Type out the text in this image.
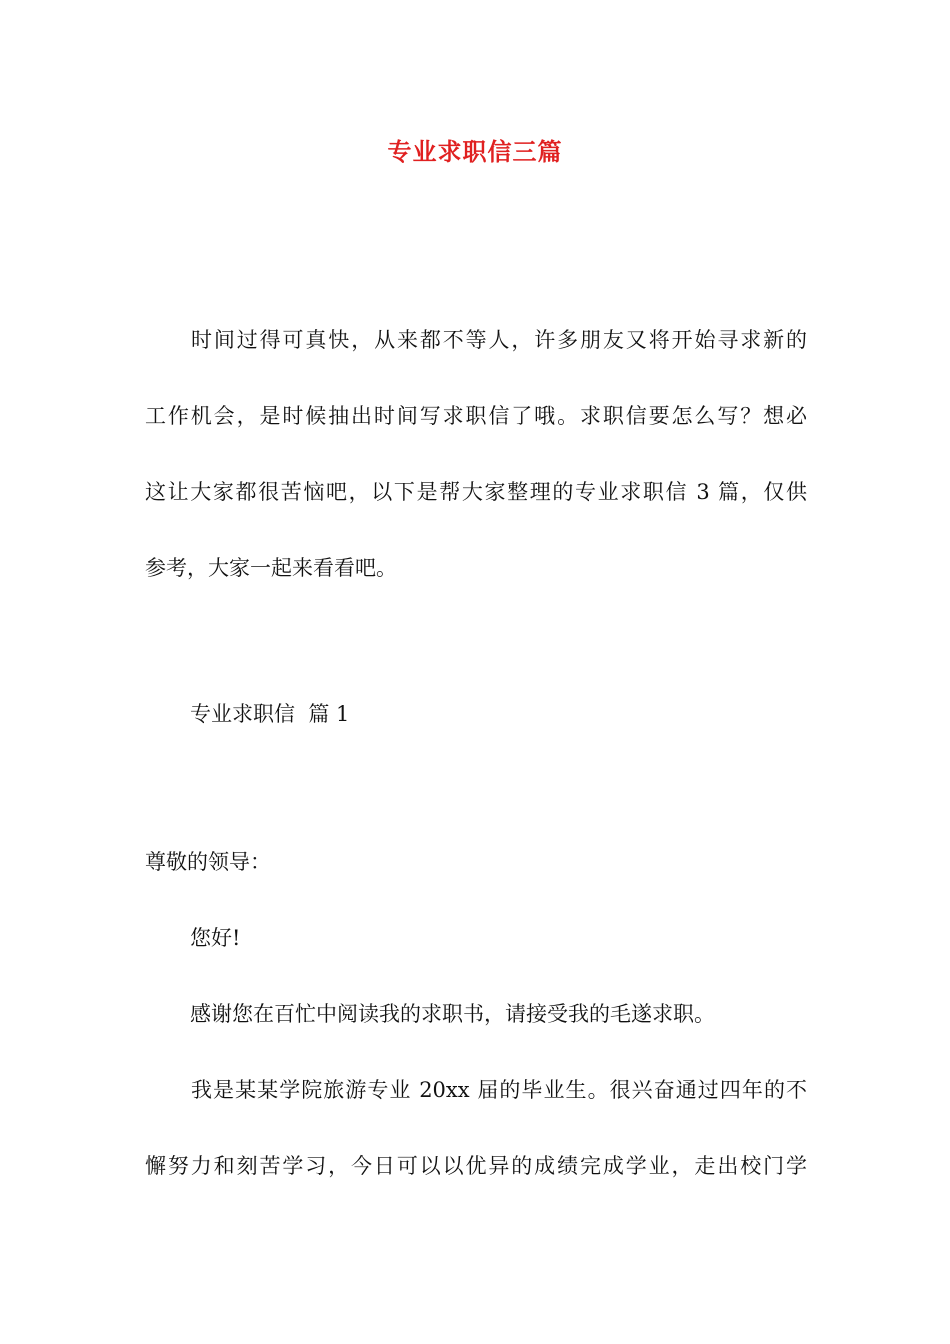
专业求职信三篇
时间过得可真快，从来都不等人，许多朋友又将开始寻求新的
工作机会，是时候抽出时间写求职信了哦。求职信要怎么写？想必
这让大家都很苦恼吧，以下是帮大家整理的专业求职信 3 篇，仅供
参考，大家一起来看看吧。
专业求职信  篇 1
尊敬的领导：
您好!
感谢您在百忙中阅读我的求职书，请接受我的毛遂求职。
我是某某学院旅游专业 20xx 届的毕业生。很兴奋通过四年的不
懈努力和刻苦学习，今日可以以优异的成绩完成学业，走出校门学
